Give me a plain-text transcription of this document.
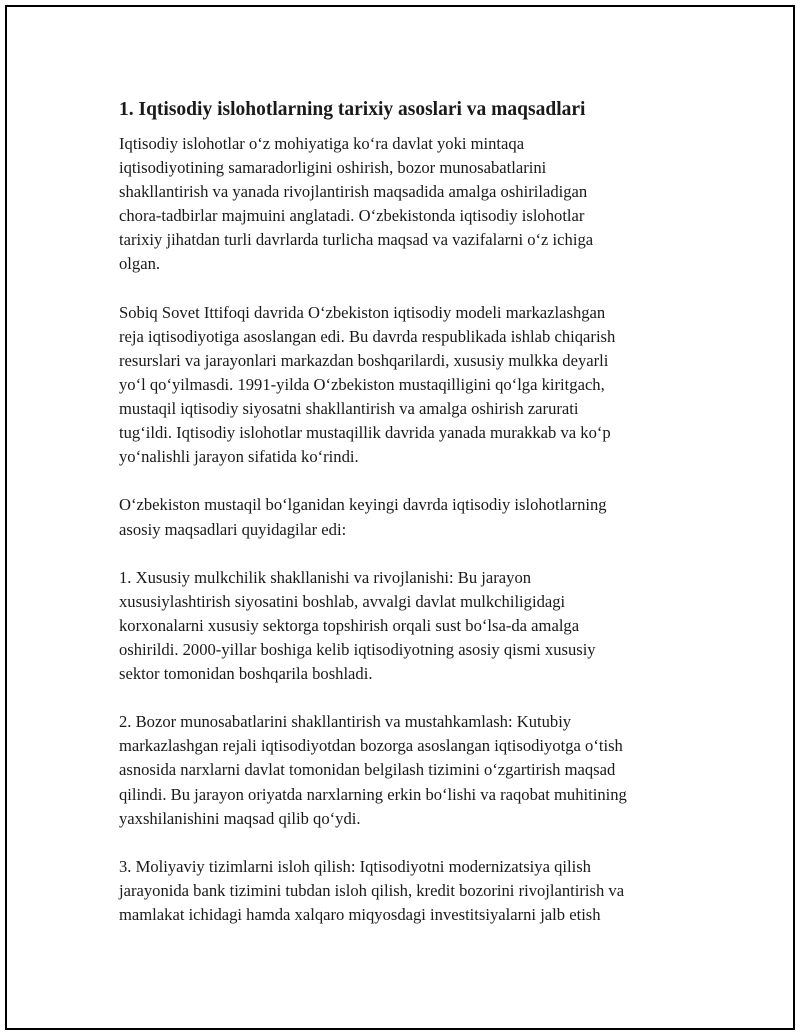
1. Iqtisodiy islohotlarning tarixiy asoslari va maqsadlari

Iqtisodiy islohotlar o‘z mohiyatiga ko‘ra davlat yoki mintaqa
iqtisodiyotining samaradorligini oshirish, bozor munosabatlarini
shakllantirish va yanada rivojlantirish maqsadida amalga oshiriladigan
chora-tadbirlar majmuini anglatadi. O‘zbekistonda iqtisodiy islohotlar
tarixiy jihatdan turli davrlarda turlicha maqsad va vazifalarni o‘z ichiga
olgan.

Sobiq Sovet Ittifoqi davrida O‘zbekiston iqtisodiy modeli markazlashgan
reja iqtisodiyotiga asoslangan edi. Bu davrda respublikada ishlab chiqarish
resurslari va jarayonlari markazdan boshqarilardi, xususiy mulkka deyarli
yo‘l qo‘yilmasdi. 1991-yilda O‘zbekiston mustaqilligini qo‘lga kiritgach,
mustaqil iqtisodiy siyosatni shakllantirish va amalga oshirish zarurati
tug‘ildi. Iqtisodiy islohotlar mustaqillik davrida yanada murakkab va ko‘p
yo‘nalishli jarayon sifatida ko‘rindi.

O‘zbekiston mustaqil bo‘lganidan keyingi davrda iqtisodiy islohotlarning
asosiy maqsadlari quyidagilar edi:

1. Xususiy mulkchilik shakllanishi va rivojlanishi: Bu jarayon
xususiylashtirish siyosatini boshlab, avvalgi davlat mulkchiligidagi
korxonalarni xususiy sektorga topshirish orqali sust bo‘lsa-da amalga
oshirildi. 2000-yillar boshiga kelib iqtisodiyotning asosiy qismi xususiy
sektor tomonidan boshqarila boshladi.

2. Bozor munosabatlarini shakllantirish va mustahkamlash: Kutubiy
markazlashgan rejali iqtisodiyotdan bozorga asoslangan iqtisodiyotga o‘tish
asnosida narxlarni davlat tomonidan belgilash tizimini o‘zgartirish maqsad
qilindi. Bu jarayon oriyatda narxlarning erkin bo‘lishi va raqobat muhitining
yaxshilanishini maqsad qilib qo‘ydi.

3. Moliyaviy tizimlarni isloh qilish: Iqtisodiyotni modernizatsiya qilish
jarayonida bank tizimini tubdan isloh qilish, kredit bozorini rivojlantirish va
mamlakat ichidagi hamda xalqaro miqyosdagi investitsiyalarni jalb etish
